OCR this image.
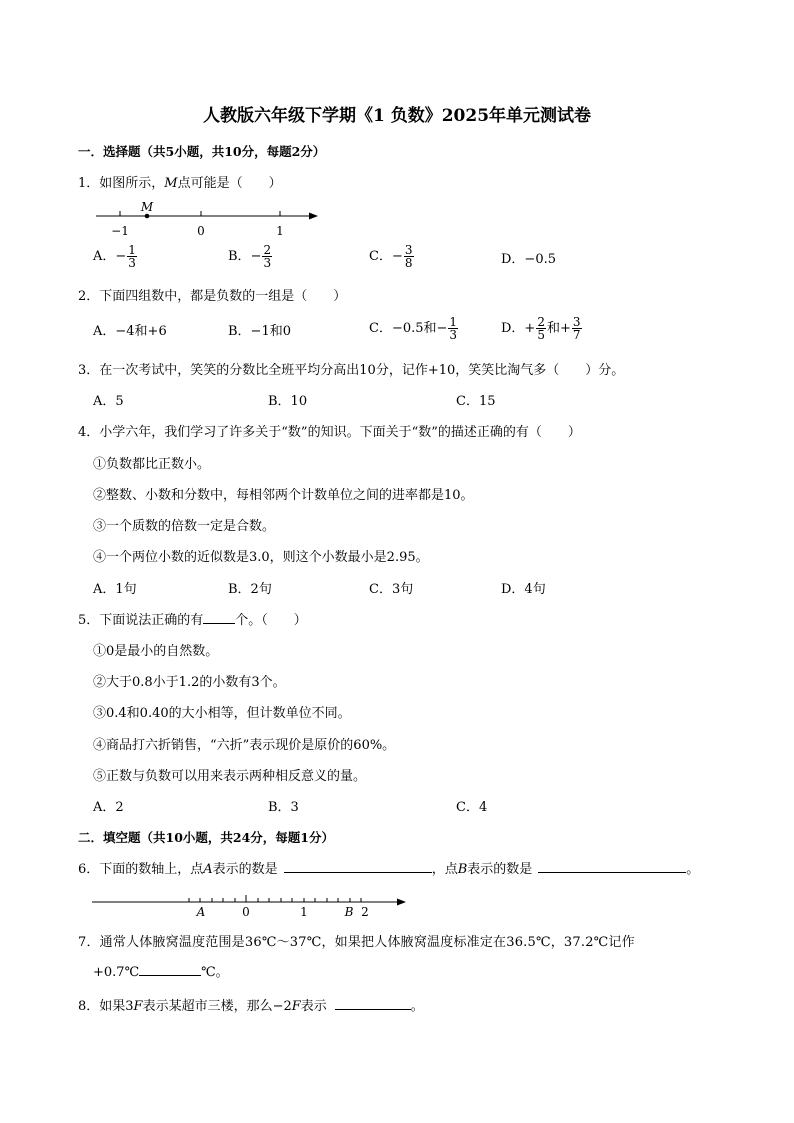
人教版六年级下学期《1 负数》2025年单元测试卷
一．选择题（共5小题，共10分，每题2分）
1．如图所示，M点可能是（　　）
M
−1	0	1
A． − $\frac{1}{3}$	B． − $\frac{2}{3}$	C． − $\frac{3}{8}$	D．−0.5
2．下面四组数中，都是负数的一组是（　　）
A．−4和+6	B．−1和0	C．−0.5和 − $\frac{1}{3}$	D．+ $\frac{2}{5}$ 和+ $\frac{3}{7}$
3．在一次考试中，笑笑的分数比全班平均分高出10分，记作+10，笑笑比淘气多（　　）分。
A．5	B．10	C．15
4．小学六年，我们学习了许多关于“数”的知识。下面关于“数”的描述正确的有（　　）
①负数都比正数小。
②整数、小数和分数中，每相邻两个计数单位之间的进率都是10。
③一个质数的倍数一定是合数。
④一个两位小数的近似数是3.0，则这个小数最小是2.95。
A．1句	B．2句	C．3句	D．4句
5．下面说法正确的有 个。（　　）
①0是最小的自然数。
②大于0.8小于1.2的小数有3个。
③0.4和0.40的大小相等，但计数单位不同。
④商品打六折销售，“六折”表示现价是原价的60%。
⑤正数与负数可以用来表示两种相反意义的量。
A．2	B．3	C．4
二．填空题（共10小题，共24分，每题1分）
6．下面的数轴上，点A表示的数是	，点B表示的数是	。
A	0	1	B 2
7．通常人体腋窝温度范围是36℃～37℃，如果把人体腋窝温度标准定在36.5℃，37.2℃记作
+0.7℃	℃。
8．如果3F表示某超市三楼，那么−2F表示	。
